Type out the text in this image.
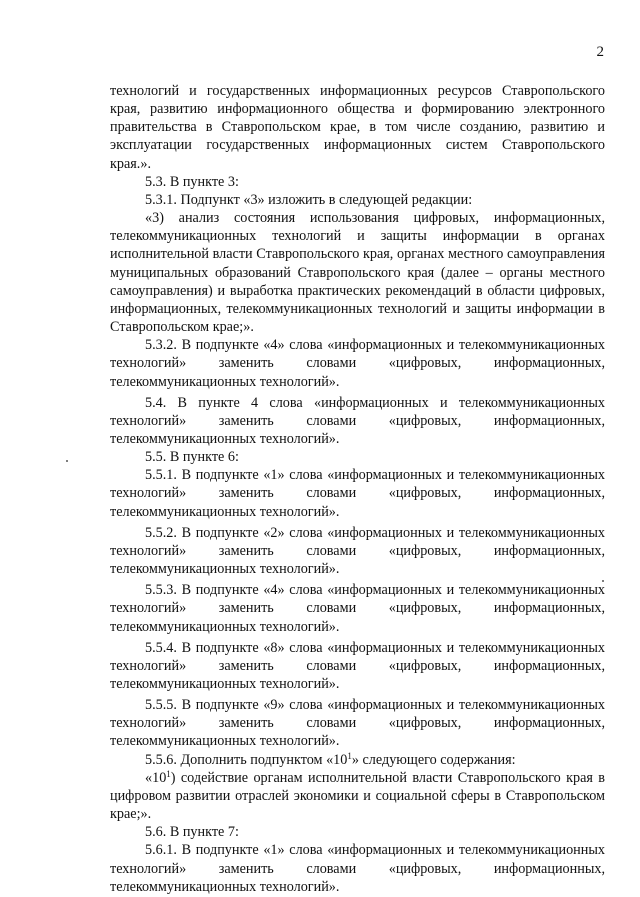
2

технологий и государственных информационных ресурсов Ставропольского края, развитию информационного общества и формированию электронного правительства в Ставропольском крае, в том числе созданию, развитию и эксплуатации государственных информационных систем Ставропольского края.».

5.3. В пункте 3:

5.3.1. Подпункт «3» изложить в следующей редакции:

«3) анализ состояния использования цифровых, информационных, телекоммуникационных технологий и защиты информации в органах исполнительной власти Ставропольского края, органах местного самоуправления муниципальных образований Ставропольского края (далее – органы местного самоуправления) и выработка практических рекомендаций в области цифровых, информационных, телекоммуникационных технологий и защиты информации в Ставропольском крае;».

5.3.2. В подпункте «4» слова «информационных и телекоммуникационных технологий» заменить словами «цифровых, информационных, телекоммуникационных технологий».

5.4. В пункте 4 слова «информационных и телекоммуникационных технологий» заменить словами «цифровых, информационных, телекоммуникационных технологий».

5.5. В пункте 6:

5.5.1. В подпункте «1» слова «информационных и телекоммуникационных технологий» заменить словами «цифровых, информационных, телекоммуникационных технологий».

5.5.2. В подпункте «2» слова «информационных и телекоммуникационных технологий» заменить словами «цифровых, информационных, телекоммуникационных технологий».

5.5.3. В подпункте «4» слова «информационных и телекоммуникационных технологий» заменить словами «цифровых, информационных, телекоммуникационных технологий».

5.5.4. В подпункте «8» слова «информационных и телекоммуникационных технологий» заменить словами «цифровых, информационных, телекоммуникационных технологий».

5.5.5. В подпункте «9» слова «информационных и телекоммуникационных технологий» заменить словами «цифровых, информационных, телекоммуникационных технологий».

5.5.6. Дополнить подпунктом «$10^1$» следующего содержания:

«$10^1$) содействие органам исполнительной власти Ставропольского края в цифровом развитии отраслей экономики и социальной сферы в Ставропольском крае;».

5.6. В пункте 7:

5.6.1. В подпункте «1» слова «информационных и телекоммуникационных технологий» заменить словами «цифровых, информационных, телекоммуникационных технологий».
